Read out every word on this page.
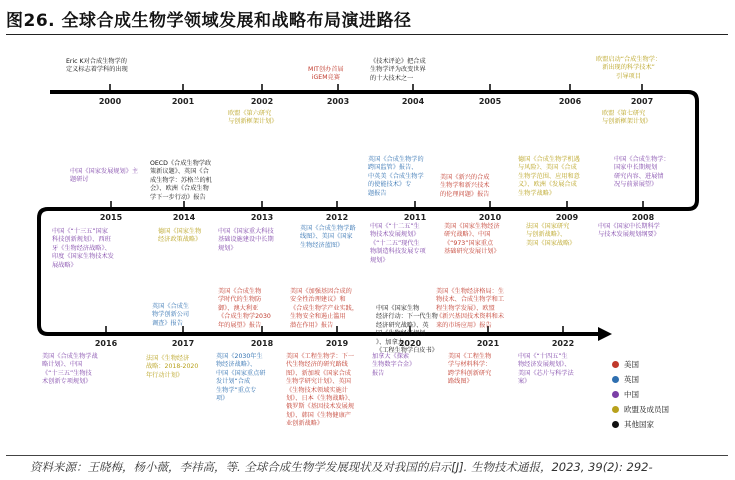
图26. 全球合成生物学领域发展和战略布局演进路径
2000	2001	2002	2003	2004	2005	2006	2007
2015	2014	2013	2012	2011	2010	2009	2008
2016	2017	2018	2019	2020	2021	2022
Eric K对合成生物学的
定义标志着学科的出现
欧盟《第六研究
与创新框架计划》
MIT创办首届
iGEM竞赛
《技术评论》把合成
生物学评为改变世界
的十大技术之一
欧盟启动“合成生物学：
新出现的科学技术”
引导项目
欧盟《第七研究
与创新框架计划》
OECD《合成生物学政
策新议题》、英国《合
成生物学：苏格兰的机
会》、欧洲《合成生物
学下一步行动》报告
中国《国家发展规划》主
题研讨
英国《合成生物学的
跨国监管》报告、
中英美《合成生物学
的使能技术》专
题报告
美国《新兴的合成
生物学和新兴技术
的伦理问题》报告
德国《合成生物学机遇
与风险》、美国《合成
生物学范围、应用和意
义》、欧洲《发展合成
生物学战略》
中国《合成生物学：
国家中长期规划
研究内容、进展情
况与前景展望》
中国《“十三五”国家
科技创新规划》、西班
牙《生物经济战略》、
印度《国家生物技术发
展战略》
德国《国家生物
经济政策战略》
中国《国家重大科技
基础设施建设中长期
规划》
英国《合成生物学路
线图》、美国《国家
生物经济蓝图》
中国《“十二五”生
物技术发展规划》
《“十二五”现代生
物制造科技发展专项
规划》
美国《国家生物经济
研究战略》、中国
《“973”国家重点
基础研究发展计划》
法国《国家研究
与创新战略》、
美国《国家战略》
中国《国家中长期科学
与技术发展规划纲要》
英国《合成生
物学创新公司
调查》报告
美国《合成生物
学时代的生物防
御》、澳大利亚
《合成生物学2030
年的展望》报告
美国《加强基因合成的
安全性治理建议》和
《合成生物学产业实践，
生物安全和遏止滥用
潜在作用》报告
中国《国家生物
经济行动：下一代生物
经济研究战略》、英
国《生物经济规划
》、加拿大
《工程生物学白皮书》
美国《生物经济格局：生
物技术、合成生物学和工
程生物学发展》、欧盟
《新兴基因技术资料和未
来的市场应用》报告
美国《合成生物学战
略计划》、中国
《“十三五”生物技
术创新专项规划》
法国《生物经济
战略：2018-2020
年行动计划》
英国《2030年生
物经济战略》、
中国《国家重点研
发计划“合成
生物学”重点专
项》
美国《工程生物学：下一
代生物经济的研究路线
图》、新加坡《国家合成
生物学研究计划》、英国
《生物技术领域实施计
划》、日本《生物战略》、
俄罗斯《基因技术发展规
划》、韩国《生物健康产
业创新战略》
加拿大《探索
生物数字合金》
报告
美国《工程生物
学与材料科学：
跨学科创新研究
路线图》
中国《“十四五”生
物经济发展规划》、
美国《芯片与科学法
案》
美国
英国
中国
欧盟及成员国
其他国家
资料来源：王晓梅，杨小薇，李祎高，等. 全球合成生物学发展现状及对我国的启示[J]. 生物技术通报，2023, 39(2): 292-
